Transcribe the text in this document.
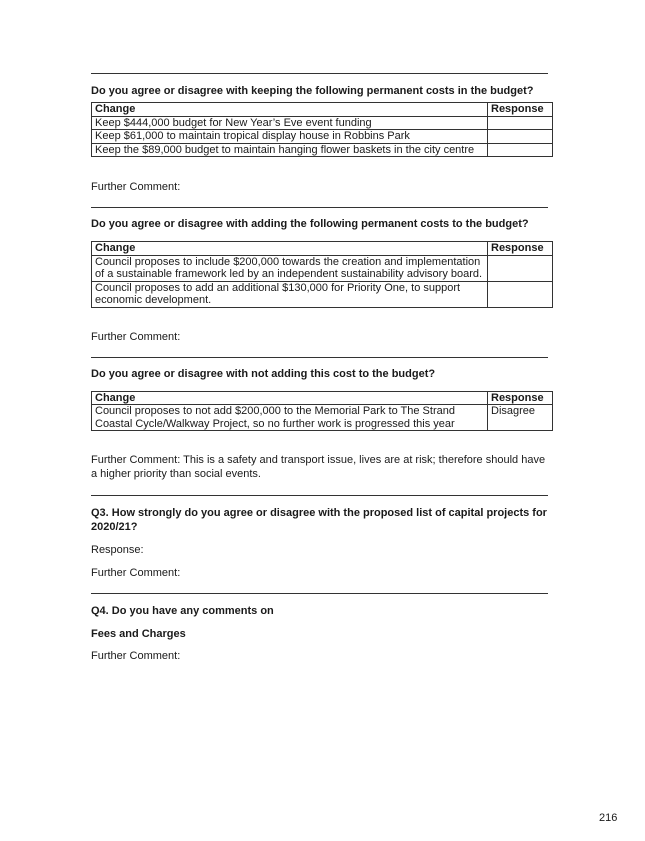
Do you agree or disagree with keeping the following permanent costs in the budget?
Change	Response
Keep $444,000 budget for New Year’s Eve event funding	
Keep $61,000 to maintain tropical display house in Robbins Park	
Keep the $89,000 budget to maintain hanging flower baskets in the city centre	
Further Comment:
Do you agree or disagree with adding the following permanent costs to the budget?
Change	Response
Council proposes to include $200,000 towards the creation and implementation of a sustainable framework led by an independent sustainability advisory board.	
Council proposes to add an additional $130,000 for Priority One, to support economic development.	
Further Comment:
Do you agree or disagree with not adding this cost to the budget?
Change	Response
Council proposes to not add $200,000 to the Memorial Park to The Strand Coastal Cycle/Walkway Project, so no further work is progressed this year	Disagree
Further Comment: This is a safety and transport issue, lives are at risk; therefore should have a higher priority than social events.
Q3. How strongly do you agree or disagree with the proposed list of capital projects for 2020/21?
Response:
Further Comment:
Q4. Do you have any comments on
Fees and Charges
Further Comment:
216
